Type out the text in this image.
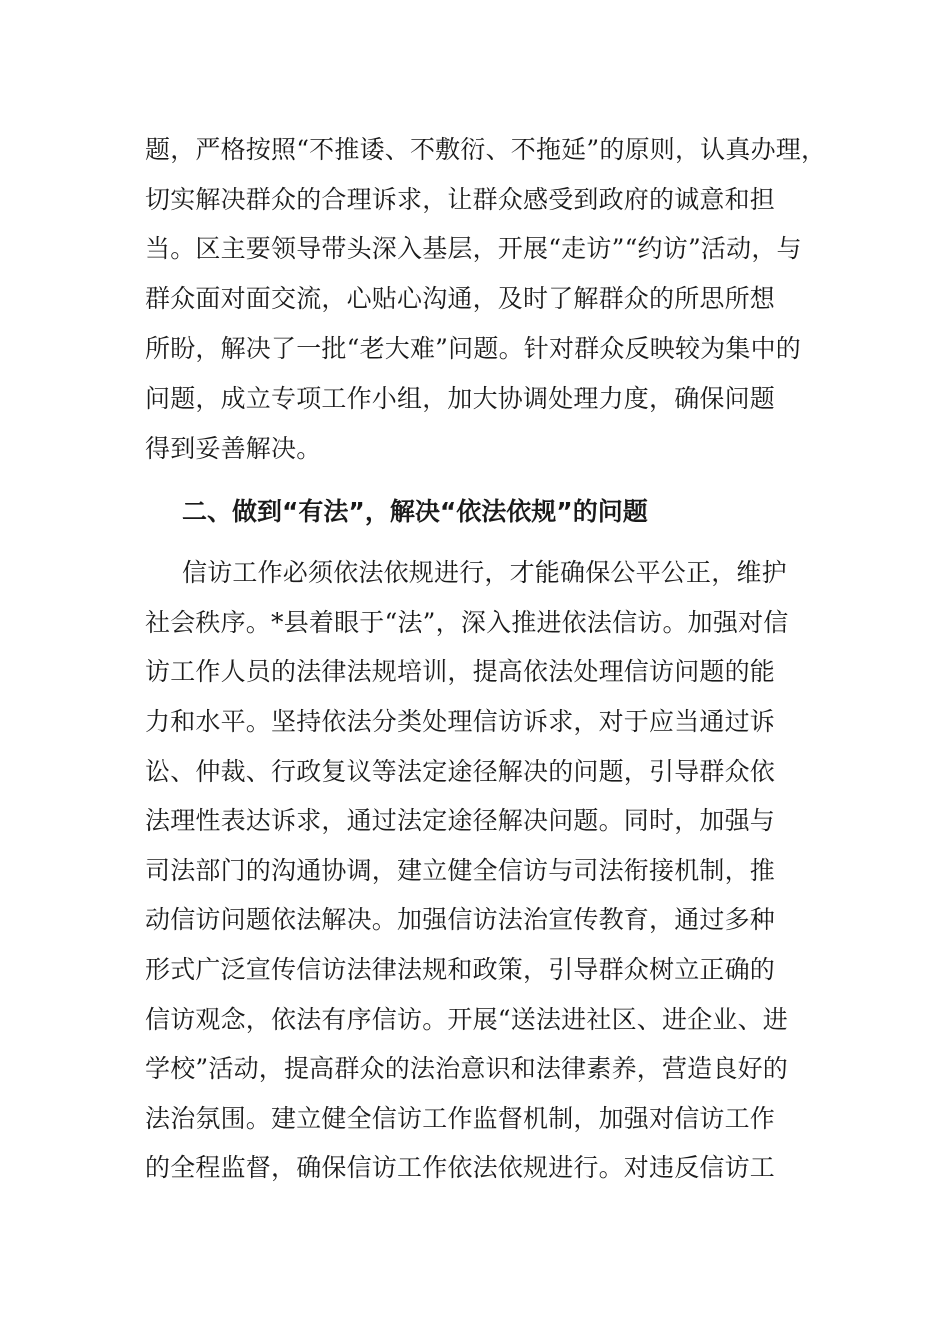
题，严格按照“不推诿、不敷衍、不拖延”的原则，认真办理，
切实解决群众的合理诉求，让群众感受到政府的诚意和担
当。区主要领导带头深入基层，开展“走访”“约访”活动，与
群众面对面交流，心贴心沟通，及时了解群众的所思所想
所盼，解决了一批“老大难”问题。针对群众反映较为集中的
问题，成立专项工作小组，加大协调处理力度，确保问题
得到妥善解决。
二、做到“有法”，解决“依法依规”的问题
信访工作必须依法依规进行，才能确保公平公正，维护
社会秩序。*县着眼于“法”，深入推进依法信访。加强对信
访工作人员的法律法规培训，提高依法处理信访问题的能
力和水平。坚持依法分类处理信访诉求，对于应当通过诉
讼、仲裁、行政复议等法定途径解决的问题，引导群众依
法理性表达诉求，通过法定途径解决问题。同时，加强与
司法部门的沟通协调，建立健全信访与司法衔接机制，推
动信访问题依法解决。加强信访法治宣传教育，通过多种
形式广泛宣传信访法律法规和政策，引导群众树立正确的
信访观念，依法有序信访。开展“送法进社区、进企业、进
学校”活动，提高群众的法治意识和法律素养，营造良好的
法治氛围。建立健全信访工作监督机制，加强对信访工作
的全程监督，确保信访工作依法依规进行。对违反信访工
